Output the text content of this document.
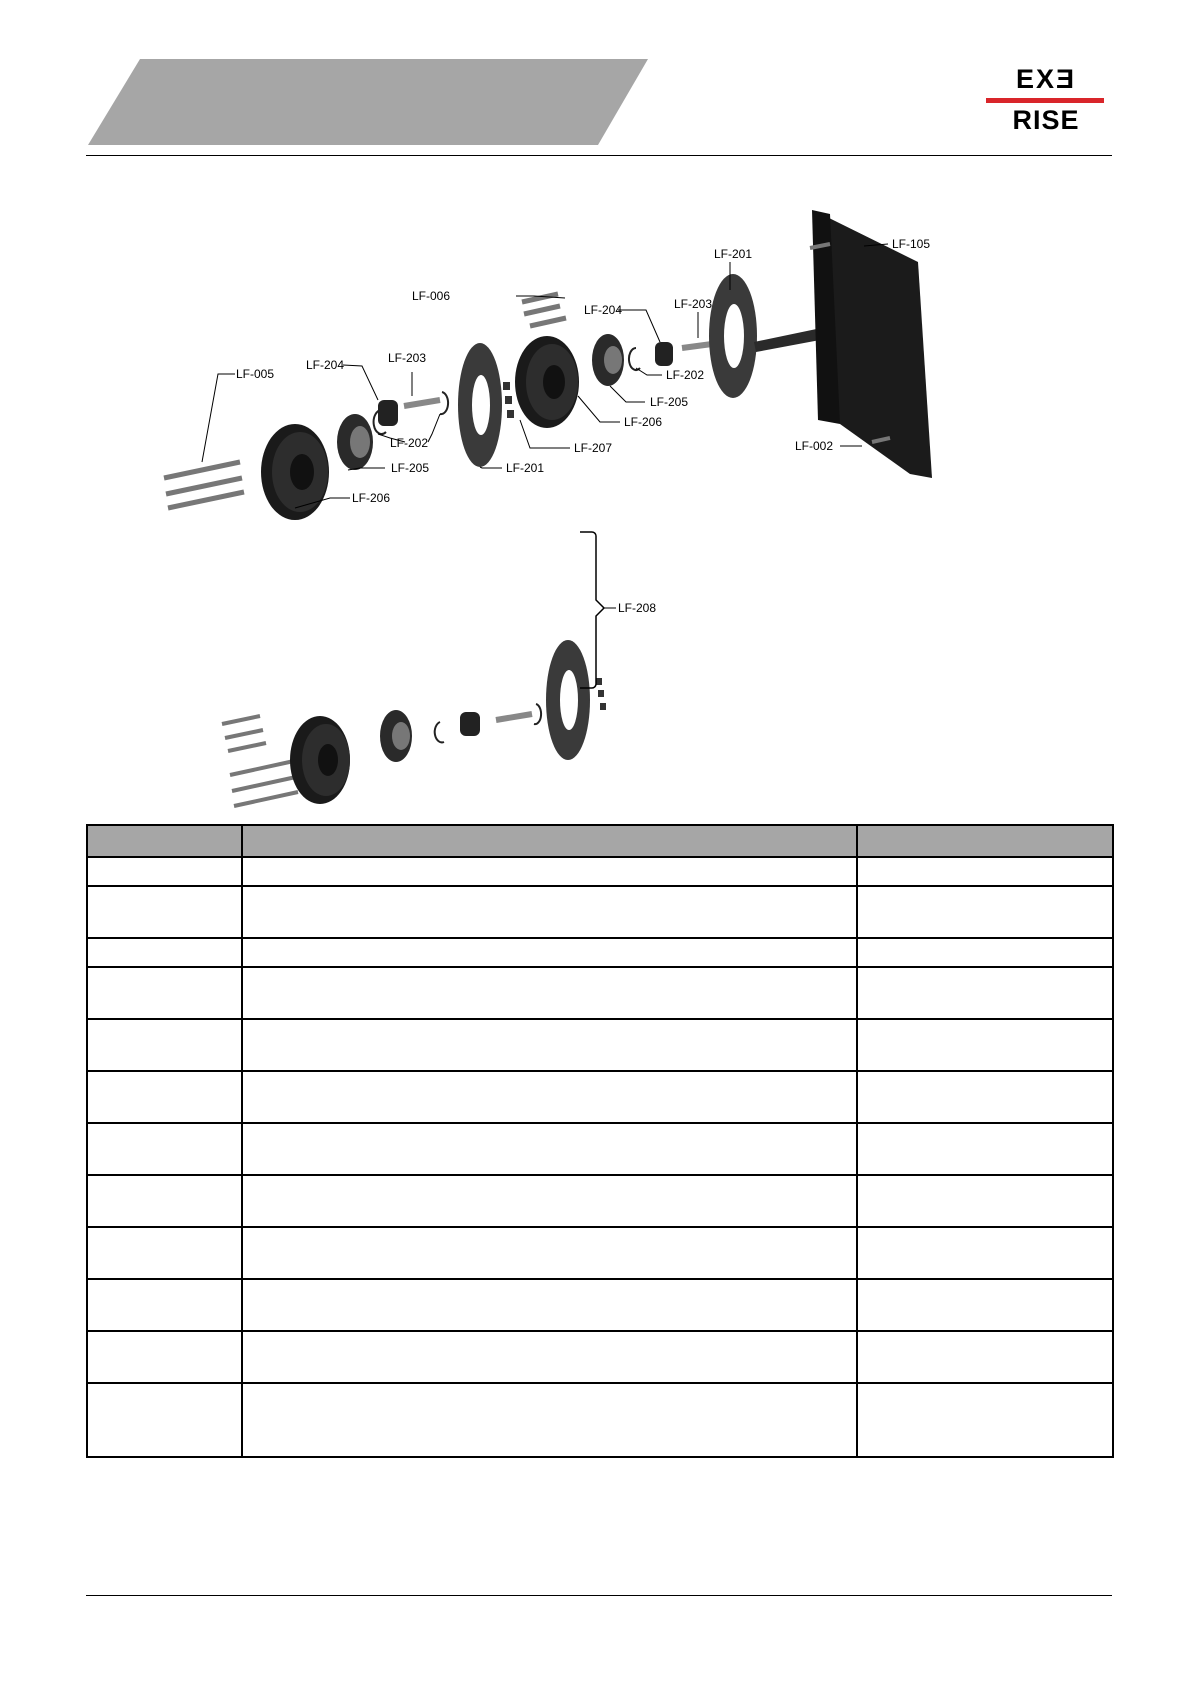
EXƎ
RISE
LF-005
LF-006
LF-204	LF-203
LF-202
LF-205
LF-206
LF-201
LF-207
LF-206
LF-205
LF-202
LF-204	LF-203
LF-201
LF-105
LF-002
LF-208
